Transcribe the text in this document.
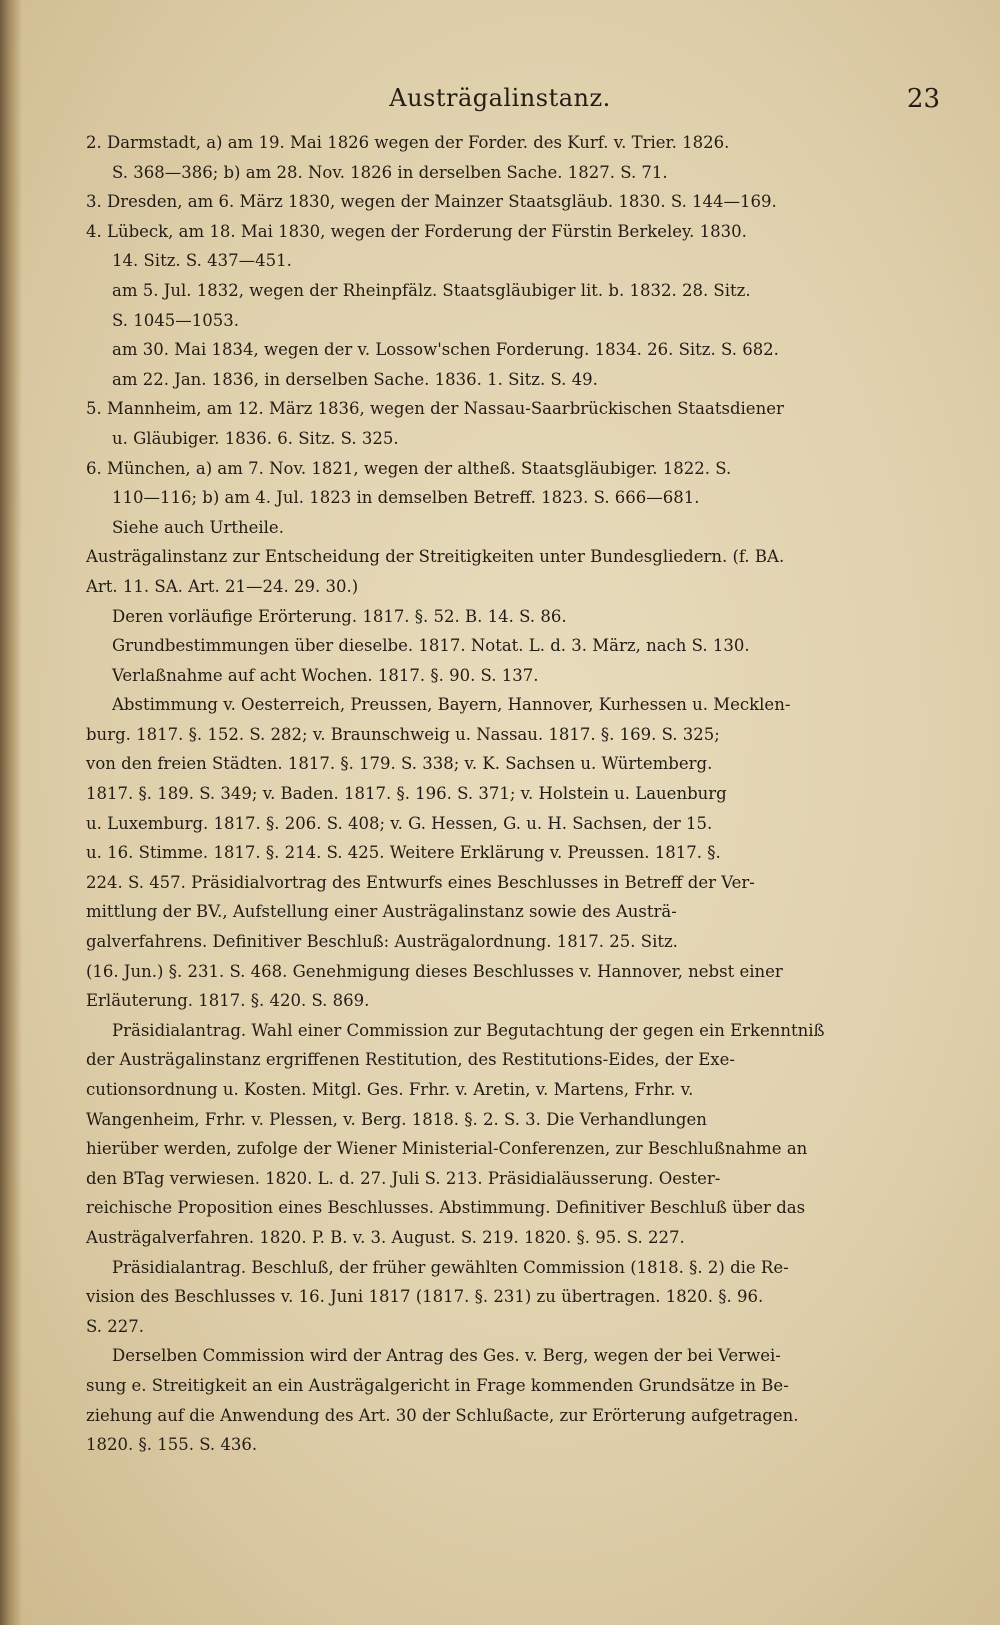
Austrägalinstanz.	23

2. Darmstadt, a) am 19. Mai 1826 wegen der Forder. des Kurf. v. Trier. 1826.

S. 368—386; b) am 28. Nov. 1826 in derselben Sache. 1827. S. 71.

3. Dresden, am 6. März 1830, wegen der Mainzer Staatsgläub. 1830. S. 144—169.

4. Lübeck, am 18. Mai 1830, wegen der Forderung der Fürstin Berkeley. 1830.

14. Sitz. S. 437—451.

am 5. Jul. 1832, wegen der Rheinpfälz. Staatsgläubiger lit. b. 1832. 28. Sitz.

S. 1045—1053.

am 30. Mai 1834, wegen der v. Lossow'schen Forderung. 1834. 26. Sitz. S. 682.

am 22. Jan. 1836, in derselben Sache. 1836. 1. Sitz. S. 49.

5. Mannheim, am 12. März 1836, wegen der Nassau-Saarbrückischen Staatsdiener

u. Gläubiger. 1836. 6. Sitz. S. 325.

6. München, a) am 7. Nov. 1821, wegen der altheß. Staatsgläubiger. 1822. S.

110—116; b) am 4. Jul. 1823 in demselben Betreff. 1823. S. 666—681.

Siehe auch Urtheile.

Austrägalinstanz zur Entscheidung der Streitigkeiten unter Bundesgliedern. (f. BA.

Art. 11. SA. Art. 21—24. 29. 30.)

Deren vorläufige Erörterung. 1817. §. 52. B. 14. S. 86.

Grundbestimmungen über dieselbe. 1817. Notat. L. d. 3. März, nach S. 130.

Verlaßnahme auf acht Wochen. 1817. §. 90. S. 137.

Abstimmung v. Oesterreich, Preussen, Bayern, Hannover, Kurhessen u. Mecklen-

burg. 1817. §. 152. S. 282; v. Braunschweig u. Nassau. 1817. §. 169. S. 325;

von den freien Städten. 1817. §. 179. S. 338; v. K. Sachsen u. Würtemberg.

1817. §. 189. S. 349; v. Baden. 1817. §. 196. S. 371; v. Holstein u. Lauenburg

u. Luxemburg. 1817. §. 206. S. 408; v. G. Hessen, G. u. H. Sachsen, der 15.

u. 16. Stimme. 1817. §. 214. S. 425. Weitere Erklärung v. Preussen. 1817. §.

224. S. 457. Präsidialvortrag des Entwurfs eines Beschlusses in Betreff der Ver-

mittlung der BV., Aufstellung einer Austrägalinstanz sowie des Austrä-

galverfahrens. Definitiver Beschluß: Austrägalordnung. 1817. 25. Sitz.

(16. Jun.) §. 231. S. 468. Genehmigung dieses Beschlusses v. Hannover, nebst einer

Erläuterung. 1817. §. 420. S. 869.

Präsidialantrag. Wahl einer Commission zur Begutachtung der gegen ein Erkenntniß

der Austrägalinstanz ergriffenen Restitution, des Restitutions-Eides, der Exe-

cutionsordnung u. Kosten. Mitgl. Ges. Frhr. v. Aretin, v. Martens, Frhr. v.

Wangenheim, Frhr. v. Plessen, v. Berg. 1818. §. 2. S. 3. Die Verhandlungen

hierüber werden, zufolge der Wiener Ministerial-Conferenzen, zur Beschlußnahme an

den BTag verwiesen. 1820. L. d. 27. Juli S. 213. Präsidialäusserung. Oester-

reichische Proposition eines Beschlusses. Abstimmung. Definitiver Beschluß über das

Austrägalverfahren. 1820. P. B. v. 3. August. S. 219. 1820. §. 95. S. 227.

Präsidialantrag. Beschluß, der früher gewählten Commission (1818. §. 2) die Re-

vision des Beschlusses v. 16. Juni 1817 (1817. §. 231) zu übertragen. 1820. §. 96.

S. 227.

Derselben Commission wird der Antrag des Ges. v. Berg, wegen der bei Verwei-

sung e. Streitigkeit an ein Austrägalgericht in Frage kommenden Grundsätze in Be-

ziehung auf die Anwendung des Art. 30 der Schlußacte, zur Erörterung aufgetragen.

1820. §. 155. S. 436.
